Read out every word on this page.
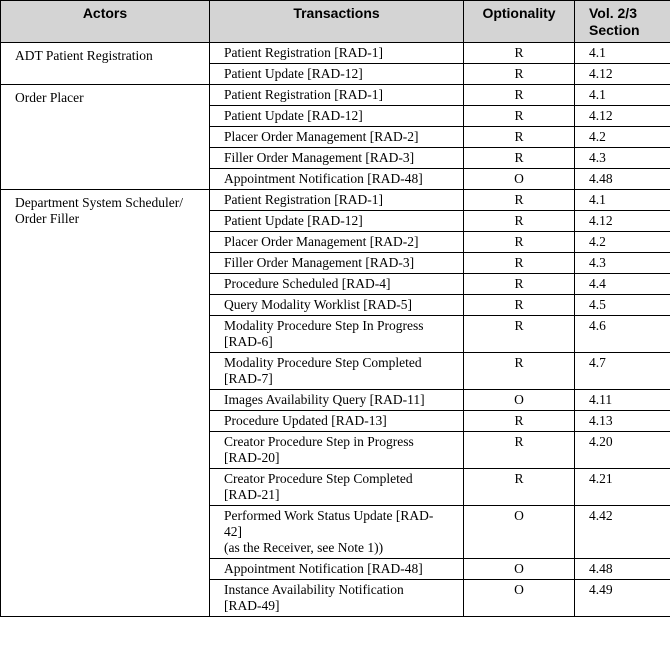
Actors	Transactions	Optionality	Vol. 2/3
Section
ADT Patient Registration	Patient Registration [RAD-1]	R	4.1
	Patient Update [RAD-12]	R	4.12
Order Placer	Patient Registration [RAD-1]	R	4.1
	Patient Update [RAD-12]	R	4.12
	Placer Order Management [RAD-2]	R	4.2
	Filler Order Management [RAD-3]	R	4.3
	Appointment Notification [RAD-48]	O	4.48
Department System Scheduler/
Order Filler	Patient Registration [RAD-1]	R	4.1
	Patient Update [RAD-12]	R	4.12
	Placer Order Management [RAD-2]	R	4.2
	Filler Order Management [RAD-3]	R	4.3
	Procedure Scheduled [RAD-4]	R	4.4
	Query Modality Worklist [RAD-5]	R	4.5
	Modality Procedure Step In Progress
[RAD-6]	R	4.6
	Modality Procedure Step Completed
[RAD-7]	R	4.7
	Images Availability Query [RAD-11]	O	4.11
	Procedure Updated [RAD-13]	R	4.13
	Creator Procedure Step in Progress
[RAD-20]	R	4.20
	Creator Procedure Step Completed
[RAD-21]	R	4.21
	Performed Work Status Update [RAD-
42]
(as the Receiver, see Note 1))	O	4.42
	Appointment Notification [RAD-48]	O	4.48
	Instance Availability Notification
[RAD-49]	O	4.49
